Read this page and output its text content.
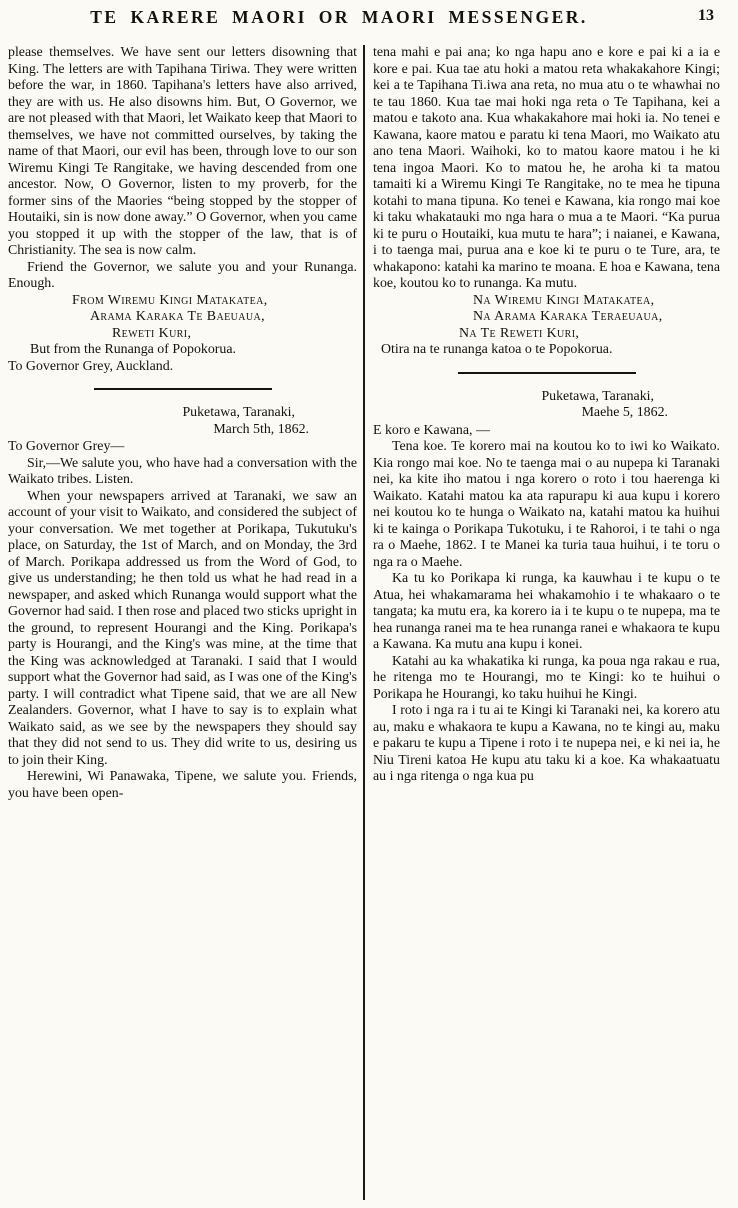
TE KARERE MAORI OR MAORI MESSENGER.	13

please themselves. We have sent our letters disowning that King. The letters are with Tapihana Tiriwa. They were written before the war, in 1860. Tapihana's letters have also arrived, they are with us. He also disowns him. But, O Governor, we are not pleased with that Maori, let Waikato keep that Maori to themselves, we have not committed ourselves, by taking the name of that Maori, our evil has been, through love to our son Wiremu Kingi Te Rangitake, we having descended from one ancestor. Now, O Governor, listen to my proverb, for the former sins of the Maories “being stopped by the stopper of Houtaiki, sin is now done away.” O Governor, when you came you stopped it up with the stopper of the law, that is of Christianity. The sea is now calm.

Friend the Governor, we salute you and your Runanga. Enough.

From Wiremu Kingi Matakatea,
Arama Karaka Te Baeuaua,
Reweti Kuri,
But from the Runanga of Popokorua.
To Governor Grey, Auckland.
Puketawa, Taranaki,
March 5th, 1862.
To Governor Grey—

Sir,—We salute you, who have had a conversation with the Waikato tribes. Listen.

When your newspapers arrived at Taranaki, we saw an account of your visit to Waikato, and considered the subject of your conversation. We met together at Porikapa, Tukutuku's place, on Saturday, the 1st of March, and on Monday, the 3rd of March. Porikapa addressed us from the Word of God, to give us understanding; he then told us what he had read in a newspaper, and asked which Runanga would support what the Governor had said. I then rose and placed two sticks upright in the ground, to represent Hourangi and the King. Porikapa's party is Hourangi, and the King's was mine, at the time that the King was acknowledged at Taranaki. I said that I would support what the Governor had said, as I was one of the King's party. I will contradict what Tipene said, that we are all New Zealanders. Governor, what I have to say is to explain what Waikato said, as we see by the newspapers they should say that they did not send to us. They did write to us, desiring us to join their King.

Herewini, Wi Panawaka, Tipene, we salute you. Friends, you have been open-

tena mahi e pai ana; ko nga hapu ano e kore e pai ki a ia e kore e pai. Kua tae atu hoki a matou reta whakakahore Kingi; kei a te Tapihana Ti.iwa ana reta, no mua atu o te whawhai no te tau 1860. Kua tae mai hoki nga reta o Te Tapihana, kei a matou e takoto ana. Kua whakakahore mai hoki ia. No tenei e Kawana, kaore matou e paratu ki tena Maori, mo Waikato atu ano tena Maori. Waihoki, ko to matou kaore matou i he ki tena ingoa Maori. Ko to matou he, he aroha ki ta matou tamaiti ki a Wiremu Kingi Te Rangitake, no te mea he tipuna kotahi to mana tipuna. Ko tenei e Kawana, kia rongo mai koe ki taku whakatauki mo nga hara o mua a te Maori. “Ka purua ki te puru o Houtaiki, kua mutu te hara”; i naianei, e Kawana, i to taenga mai, purua ana e koe ki te puru o te Ture, ara, te whakapono: katahi ka marino te moana. E hoa e Kawana, tena koe, koutou ko to runanga. Ka mutu.

Na Wiremu Kingi Matakatea,
Na Arama Karaka Teraeuaua,
Na Te Reweti Kuri,
Otira na te runanga katoa o te Popokorua.
Puketawa, Taranaki,
Maehe 5, 1862.
E koro e Kawana, —

Tena koe. Te korero mai na koutou ko to iwi ko Waikato. Kia rongo mai koe. No te taenga mai o au nupepa ki Taranaki nei, ka kite iho matou i nga korero o roto i tou haerenga ki Waikato. Katahi matou ka ata rapurapu ki aua kupu i korero nei koutou ko te hunga o Waikato na, katahi matou ka huihui ki te kainga o Porikapa Tukotuku, i te Rahoroi, i te tahi o nga ra o Maehe, 1862. I te Manei ka turia taua huihui, i te toru o nga ra o Maehe.

Ka tu ko Porikapa ki runga, ka kauwhau i te kupu o te Atua, hei whakamarama hei whakamohio i te whakaaro o te tangata; ka mutu era, ka korero ia i te kupu o te nupepa, ma te hea runanga ranei ma te hea runanga ranei e whakaora te kupu a Kawana. Ka mutu ana kupu i konei.

Katahi au ka whakatika ki runga, ka poua nga rakau e rua, he ritenga mo te Hourangi, mo te Kingi: ko te huihui o Porikapa he Hourangi, ko taku huihui he Kingi.

I roto i nga ra i tu ai te Kingi ki Taranaki nei, ka korero atu au, maku e whakaora te kupu a Kawana, no te kingi au, maku e pakaru te kupu a Tipene i roto i te nupepa nei, e ki nei ia, he Niu Tireni katoa He kupu atu taku ki a koe. Ka whakaatuatu au i nga ritenga o nga kua pu
